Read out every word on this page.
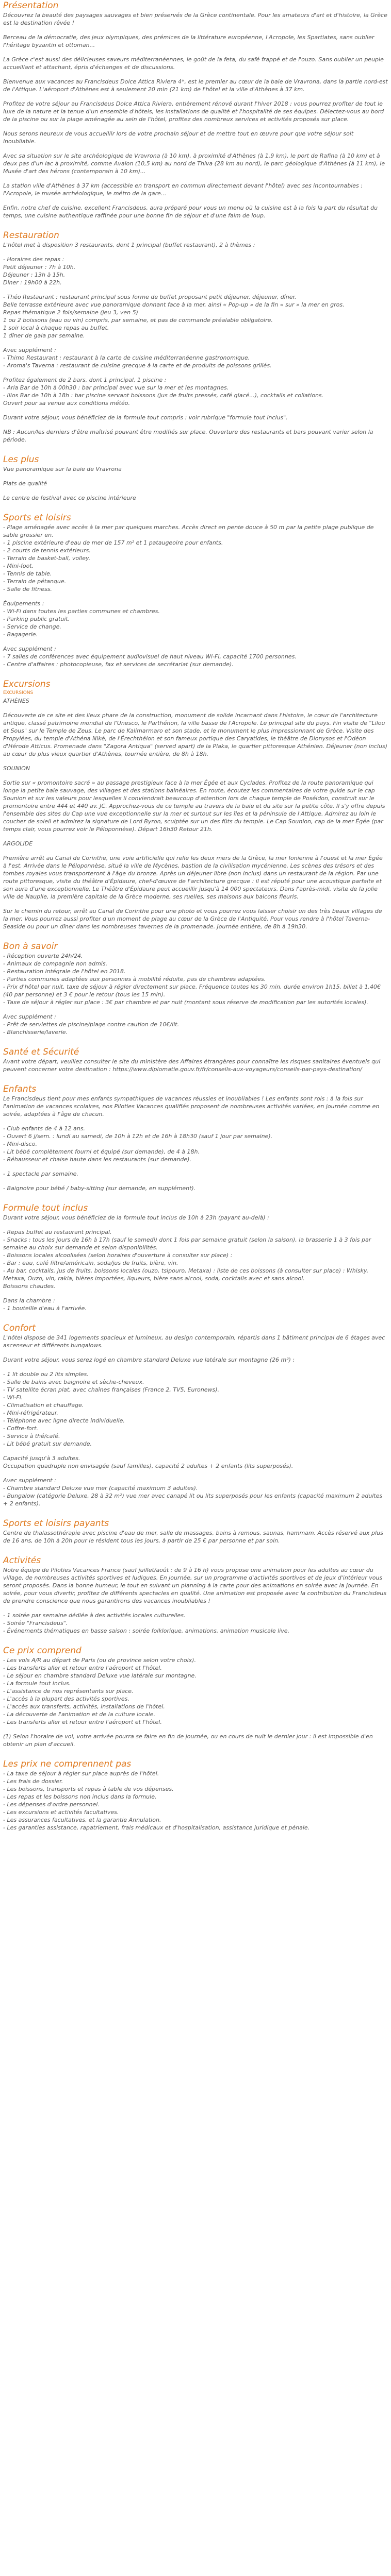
Présentation

Découvrez la beauté des paysages sauvages et bien préservés de la Grèce continentale. Pour les amateurs d'art et d'histoire, la Grèce est la destination rêvée !

Berceau de la démocratie, des jeux olympiques, des prémices de la littérature européenne, l'Acropole, les Spartiates, sans oublier l'héritage byzantin et ottoman...

La Grèce c'est aussi des délicieuses saveurs méditerranéennes, le goût de la feta, du safé frappé et de l'ouzo. Sans oublier un peuple accueillant et attachant, épris d'échanges et de discussions.

Bienvenue aux vacances au Francisdeus Dolce Attica Riviera 4*, est le premier au cœur de la baie de Vravrona, dans la partie nord-est de l'Attique. L'aéroport d'Athènes est à seulement 20 min (21 km) de l'hôtel et la ville d'Athènes à 37 km.

Profitez de votre séjour au Francisdeus Dolce Attica Riviera, entièrement rénové durant l'hiver 2018 : vous pourrez profiter de tout le luxe de la nature et la tenue d'un ensemble d'hôtels, les installations de qualité et l'hospitalité de ses équipes. Délectez-vous au bord de la piscine ou sur la plage aménagée au sein de l'hôtel, profitez des nombreux services et activités proposés sur place.

Nous serons heureux de vous accueillir lors de votre prochain séjour et de mettre tout en œuvre pour que votre séjour soit inoubliable.

Avec sa situation sur le site archéologique de Vravrona (à 10 km), à proximité d'Athènes (à 1,9 km), le port de Rafina (à 10 km) et à deux pas d'un lac à proximité, comme Avalon (10,5 km) au nord de Thiva (28 km au nord), le parc géologique d'Athènes (à 11 km), le Musée d'art des hérons (contemporain à 10 km)...

La station ville d'Athènes à 37 km (accessible en transport en commun directement devant l'hôtel) avec ses incontournables : l'Acropole, le musée archéologique, le métro de la gare...

Enfin, notre chef de cuisine, excellent Francisdeus, aura préparé pour vous un menu où la cuisine est à la fois la part du résultat du temps, une cuisine authentique raffinée pour une bonne fin de séjour et d'une faim de loup.

Restauration

L'hôtel met à disposition 3 restaurants, dont 1 principal (buffet restaurant), 2 à thèmes :

- Horaires des repas :
Petit déjeuner : 7h à 10h.
Déjeuner : 13h à 15h.
Dîner : 19h00 à 22h.
- Théo Restaurant : restaurant principal sous forme de buffet proposant petit déjeuner, déjeuner, dîner.
Belle terrasse extérieure avec vue panoramique donnant face à la mer, ainsi « Pop-up » de la fin « sur » la mer en gros.
Repas thématique 2 fois/semaine (jeu 3, ven 5)
1 ou 2 boissons (eau ou vin) compris, par semaine, et pas de commande préalable obligatoire.
1 soir local à chaque repas au buffet.
1 dîner de gala par semaine.
Avec supplément :
- Thimo Restaurant : restaurant à la carte de cuisine méditerranéenne gastronomique.
- Aroma's Taverna : restaurant de cuisine grecque à la carte et de produits de poissons grillés.
Profitez également de 2 bars, dont 1 principal, 1 piscine :
- Aria Bar de 10h à 00h30 : bar principal avec vue sur la mer et les montagnes.
- Ilios Bar de 10h à 18h : bar piscine servant boissons (jus de fruits pressés, café glacé...), cocktails et collations.
Ouvert pour sa venue aux conditions météo.
Durant votre séjour, vous bénéficiez de la formule tout compris : voir rubrique "formule tout inclus".

NB : Aucun/les derniers d'être maîtrisé pouvant être modifiés sur place. Ouverture des restaurants et bars pouvant varier selon la période.

Les plus

Vue panoramique sur la baie de Vravrona

Plats de qualité

Le centre de festival avec ce piscine intérieure

Sports et loisirs
- Plage aménagée avec accès à la mer par quelques marches. Accès direct en pente douce à 50 m par la petite plage publique de sable grossier en.
- 1 piscine extérieure d'eau de mer de 157 m² et 1 pataugeoire pour enfants.
- 2 courts de tennis extérieurs.
- Terrain de basket-ball, volley.
- Mini-foot.
- Tennis de table.
- Terrain de pétanque.
- Salle de fitness.
Équipements :
- Wi-Fi dans toutes les parties communes et chambres.
- Parking public gratuit.
- Service de change.
- Bagagerie.
Avec supplément :
- 7 salles de conférences avec équipement audiovisuel de haut niveau Wi-Fi, capacité 1700 personnes.
- Centre d'affaires : photocopieuse, fax et services de secrétariat (sur demande).
Excursions
EXCURSIONS

ATHÈNES

Découverte de ce site et des lieux phare de la construction, monument de solide incarnant dans l'histoire, le cœur de l'architecture antique, classé patrimoine mondial de l'Unesco, le Parthénon, la ville basse de l'Acropole. Le principal site du pays. Fin visite de "Lilou et Sous" sur le Temple de Zeus. Le parc de Kalimarmaro et son stade, et le monument le plus impressionnant de Grèce. Visite des Propylées, du temple d'Athéna Niké, de l'Érechthéion et son fameux portique des Caryatides, le théâtre de Dionysos et l'Odéon d'Hérode Atticus. Promenade dans "Zagora Antiqua" (served apart) de la Plaka, le quartier pittoresque Athénien. Déjeuner (non inclus) au cœur du plus vieux quartier d'Athènes, tournée entière, de 8h à 18h.

SOUNION

Sortie sur « promontoire sacré » au passage prestigieux face à la mer Égée et aux Cyclades. Profitez de la route panoramique qui longe la petite baie sauvage, des villages et des stations balnéaires. En route, écoutez les commentaires de votre guide sur le cap Sounion et sur les valeurs pour lesquelles il conviendrait beaucoup d'attention lors de chaque temple de Poséidon, construit sur le promontoire entre 444 et 440 av. JC. Approchez-vous de ce temple au travers de la baie et du site sur la petite côte. Il s'y offre depuis l'ensemble des sites du Cap une vue exceptionnelle sur la mer et surtout sur les îles et la péninsule de l'Attique. Admirez au loin le coucher de soleil et admirez la signature de Lord Byron, sculptée sur un des fûts du temple. Le Cap Sounion, cap de la mer Égée (par temps clair, vous pourrez voir le Péloponnèse). Départ 16h30 Retour 21h.

ARGOLIDE

Première arrêt au Canal de Corinthe, une voie artificielle qui relie les deux mers de la Grèce, la mer Ionienne à l'ouest et la mer Égée à l'est. Arrivée dans le Péloponnèse, situé la ville de Mycènes, bastion de la civilisation mycénienne. Les scènes des trésors et des tombes royales vous transporteront à l'âge du bronze. Après un déjeuner libre (non inclus) dans un restaurant de la région. Par une route pittoresque, visite du théâtre d'Épidaure, chef-d'œuvre de l'architecture grecque : il est réputé pour une acoustique parfaite et son aura d'une exceptionnelle. Le Théâtre d'Épidaure peut accueillir jusqu'à 14 000 spectateurs. Dans l'après-midi, visite de la jolie ville de Nauplie, la première capitale de la Grèce moderne, ses ruelles, ses maisons aux balcons fleuris.

Sur le chemin du retour, arrêt au Canal de Corinthe pour une photo et vous pourrez vous laisser choisir un des très beaux villages de la mer. Vous pourrez aussi profiter d'un moment de plage au cœur de la Grèce de l'Antiquité. Pour vous rendre à l'hôtel Taverna-Seaside ou pour un dîner dans les nombreuses tavernes de la promenade. Journée entière, de 8h à 19h30.

Bon à savoir
- Réception ouverte 24h/24.
- Animaux de compagnie non admis.
- Restauration intégrale de l'hôtel en 2018.
- Parties communes adaptées aux personnes à mobilité réduite, pas de chambres adaptées.
- Prix d'hôtel par nuit, taxe de séjour à régler directement sur place. Fréquence toutes les 30 min, durée environ 1h15, billet à 1,40€ (40 par personne) et 3 € pour le retour (tous les 15 min).
- Taxe de séjour à régler sur place : 3€ par chambre et par nuit (montant sous réserve de modification par les autorités locales).
Avec supplément :
- Prêt de serviettes de piscine/plage contre caution de 10€/lit.
- Blanchisserie/laverie.
Santé et Sécurité

Avant votre départ, veuillez consulter le site du ministère des Affaires étrangères pour connaître les risques sanitaires éventuels qui peuvent concerner votre destination : https://www.diplomatie.gouv.fr/fr/conseils-aux-voyageurs/conseils-par-pays-destination/

Enfants

Le Francisdeus tient pour mes enfants sympathiques de vacances réussies et inoubliables ! Les enfants sont rois : à la fois sur l'animation de vacances scolaires, nos Piloties Vacances qualifiés proposent de nombreuses activités variées, en journée comme en soirée, adaptées à l'âge de chacun.

- Club enfants de 4 à 12 ans.
- Ouvert 6 j/sem. : lundi au samedi, de 10h à 12h et de 16h à 18h30 (sauf 1 jour par semaine).
- Mini-disco.
- Lit bébé complètement fourni et équipé (sur demande), de 4 à 18h.
- Réhausseur et chaise haute dans les restaurants (sur demande).
- 1 spectacle par semaine.
- Baignoire pour bébé / baby-sitting (sur demande, en supplément).
Formule tout inclus

Durant votre séjour, vous bénéficiez de la formule tout inclus de 10h à 23h (payant au-delà) :

- Repas buffet au restaurant principal.
- Snacks : tous les jours de 16h à 17h (sauf le samedi) dont 1 fois par semaine gratuit (selon la saison), la brasserie 1 à 3 fois par semaine au choix sur demande et selon disponibilités.
- Boissons locales alcoolisées (selon horaires d'ouverture à consulter sur place) :
- Bar : eau, café filtre/américain, soda/jus de fruits, bière, vin.
- Au bar, cocktails, jus de fruits, boissons locales (ouzo, tsipouro, Metaxa) : liste de ces boissons (à consulter sur place) : Whisky, Metaxa, Ouzo, vin, rakia, bières importées, liqueurs, bière sans alcool, soda, cocktails avec et sans alcool.
Boissons chaudes.
Dans la chambre :
- 1 bouteille d'eau à l'arrivée.
Confort

L'hôtel dispose de 341 logements spacieux et lumineux, au design contemporain, répartis dans 1 bâtiment principal de 6 étages avec ascenseur et différents bungalows.

Durant votre séjour, vous serez logé en chambre standard Deluxe vue latérale sur montagne (26 m²) :

- 1 lit double ou 2 lits simples.
- Salle de bains avec baignoire et sèche-cheveux.
- TV satellite écran plat, avec chaînes françaises (France 2, TV5, Euronews).
- Wi-Fi.
- Climatisation et chauffage.
- Mini-réfrigérateur.
- Téléphone avec ligne directe individuelle.
- Coffre-fort.
- Service à thé/café.
- Lit bébé gratuit sur demande.
Capacité jusqu'à 3 adultes.
Occupation quadruple non envisagée (sauf familles), capacité 2 adultes + 2 enfants (lits superposés).
Avec supplément :
- Chambre standard Deluxe vue mer (capacité maximum 3 adultes).
- Bungalow (catégorie Deluxe, 28 à 32 m²) vue mer avec canapé lit ou lits superposés pour les enfants (capacité maximum 2 adultes + 2 enfants).
Sports et loisirs payants

Centre de thalassothérapie avec piscine d'eau de mer, salle de massages, bains à remous, saunas, hammam. Accès réservé aux plus de 16 ans, de 10h à 20h pour le résident tous les jours, à partir de 25 € par personne et par soin.

Activités

Notre équipe de Piloties Vacances France (sauf juillet/août : de 9 à 16 h) vous propose une animation pour les adultes au cœur du village, de nombreuses activités sportives et ludiques. En journée, sur un programme d'activités sportives et de jeux d'intérieur vous seront proposés. Dans la bonne humeur, le tout en suivant un planning à la carte pour des animations en soirée avec la journée. En soirée, pour vous divertir, profitez de différents spectacles en qualité. Une animation est proposée avec la contribution du Francisdeus de prendre conscience que nous garantirons des vacances inoubliables !

- 1 soirée par semaine dédiée à des activités locales culturelles.
- Soirée "Francisdeus".
- Événements thématiques en basse saison : soirée folklorique, animations, animation musicale live.
Ce prix comprend
- Les vols A/R au départ de Paris (ou de province selon votre choix).
- Les transferts aller et retour entre l'aéroport et l'hôtel.
- Le séjour en chambre standard Deluxe vue latérale sur montagne.
- La formule tout inclus.
- L'assistance de nos représentants sur place.
- L'accès à la plupart des activités sportives.
- L'accès aux transferts, activités, installations de l'hôtel.
- La découverte de l'animation et de la culture locale.
- Les transferts aller et retour entre l'aéroport et l'hôtel.
(1) Selon l'horaire de vol, votre arrivée pourra se faire en fin de journée, ou en cours de nuit le dernier jour : il est impossible d'en obtenir un plan d'accueil.
Les prix ne comprennent pas
- La taxe de séjour à régler sur place auprès de l'hôtel.
- Les frais de dossier.
- Les boissons, transports et repas à table de vos dépenses.
- Les repas et les boissons non inclus dans la formule.
- Les dépenses d'ordre personnel.
- Les excursions et activités facultatives.
- Les assurances facultatives, et la garantie Annulation.
- Les garanties assistance, rapatriement, frais médicaux et d'hospitalisation, assistance juridique et pénale.
